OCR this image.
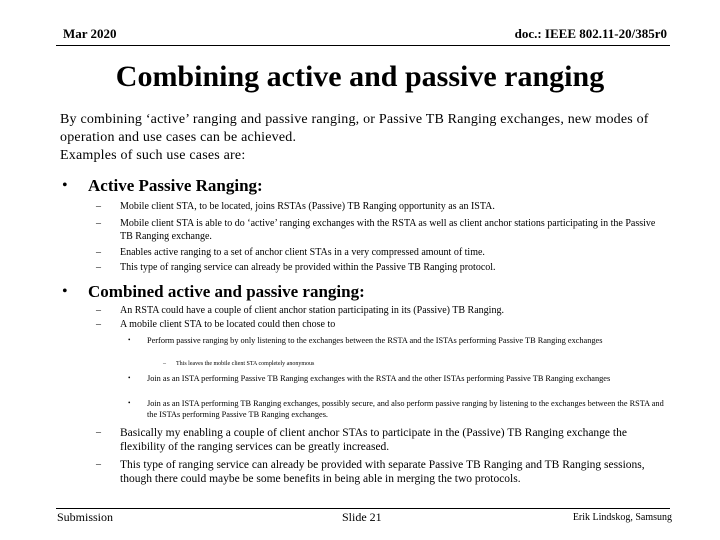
Mar 2020	doc.: IEEE 802.11-20/385r0
Combining active and passive ranging

By combining ‘active’ ranging and passive ranging, or Passive TB Ranging exchanges, new modes of operation and use cases can be achieved.

Examples of such use cases are:

• Active Passive Ranging:
– Mobile client STA, to be located, joins RSTAs (Passive) TB Ranging opportunity as an ISTA.
– Mobile client STA is able to do ‘active’ ranging exchanges with the RSTA as well as client anchor stations participating in the Passive TB Ranging exchange.
– Enables active ranging to a set of anchor client STAs in a very compressed amount of time.
– This type of ranging service can already be provided within the Passive TB Ranging protocol.
• Combined active and passive ranging:
– An RSTA could have a couple of client anchor station participating in its (Passive) TB Ranging.
– A mobile client STA to be located could then chose to
• Perform passive ranging by only listening to the exchanges between the RSTA and the ISTAs performing Passive TB Ranging exchanges
– This leaves the mobile client STA completely anonymous
• Join as an ISTA performing Passive TB Ranging exchanges with the RSTA and the other ISTAs performing Passive TB Ranging exchanges
• Join as an ISTA performing TB Ranging exchanges, possibly secure, and also perform passive ranging by listening to the exchanges between the RSTA and the ISTAs performing Passive TB Ranging exchanges.
– Basically my enabling a couple of client anchor STAs to participate in the (Passive) TB Ranging exchange the flexibility of the ranging services can be greatly increased.
– This type of ranging service can already be provided with separate Passive TB Ranging and TB Ranging sessions, though there could maybe be some benefits in being able in merging the two protocols.
Submission	Slide 21	Erik Lindskog, Samsung
